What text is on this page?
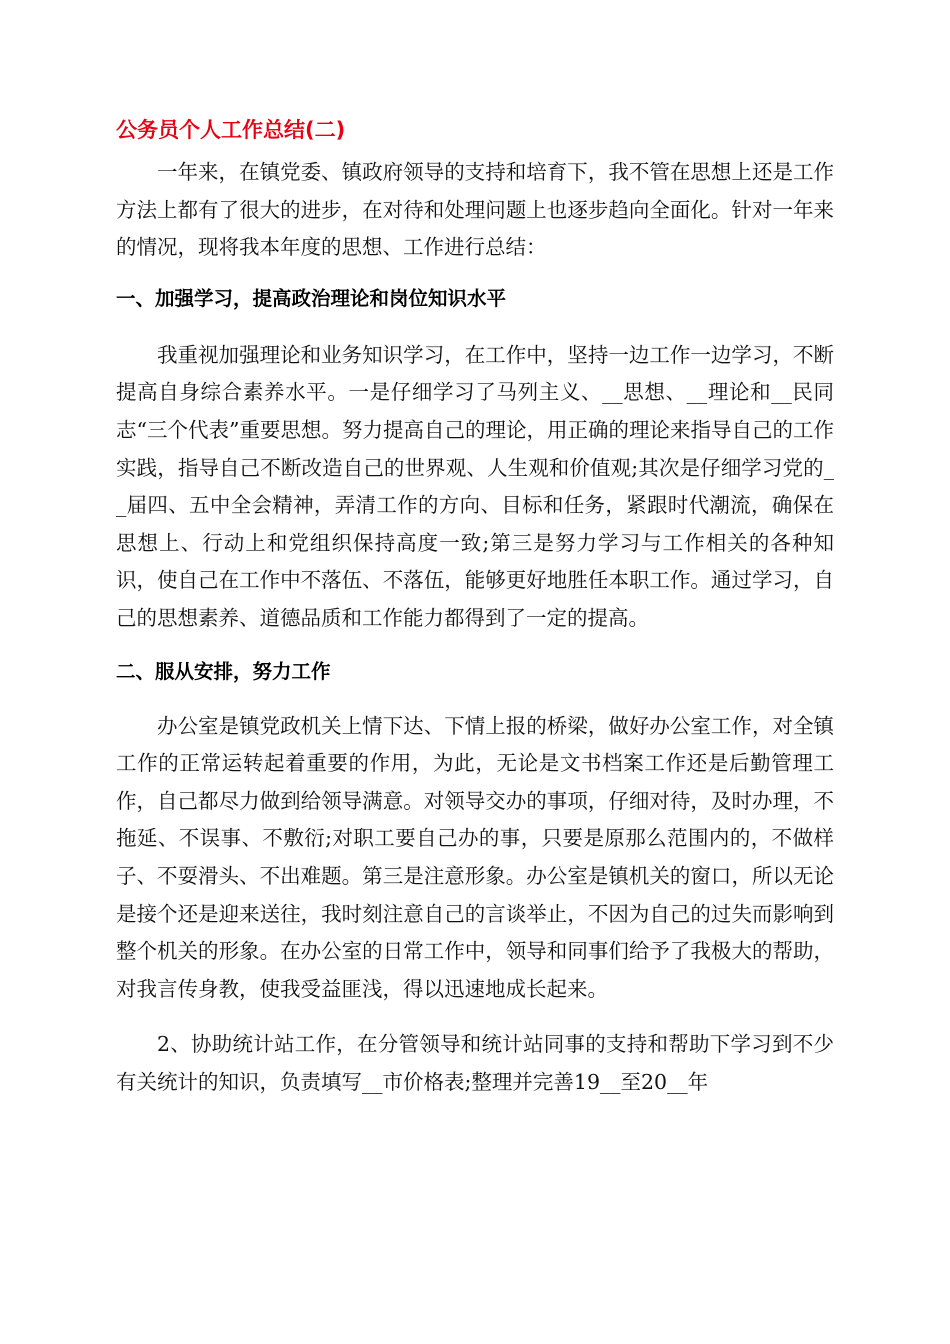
公务员个人工作总结(二)

一年来，在镇党委、镇政府领导的支持和培育下，我不管在思想上还是工作方法上都有了很大的进步，在对待和处理问题上也逐步趋向全面化。针对一年来的情况，现将我本年度的思想、工作进行总结：

一、加强学习，提高政治理论和岗位知识水平

我重视加强理论和业务知识学习，在工作中，坚持一边工作一边学习，不断提高自身综合素养水平。一是仔细学习了马列主义、__思想、__理论和__民同志“三个代表”重要思想。努力提高自己的理论，用正确的理论来指导自己的工作实践，指导自己不断改造自己的世界观、人生观和价值观;其次是仔细学习党的__届四、五中全会精神，弄清工作的方向、目标和任务，紧跟时代潮流，确保在思想上、行动上和党组织保持高度一致;第三是努力学习与工作相关的各种知识，使自己在工作中不落伍、不落伍，能够更好地胜任本职工作。通过学习，自己的思想素养、道德品质和工作能力都得到了一定的提高。

二、服从安排，努力工作

办公室是镇党政机关上情下达、下情上报的桥梁，做好办公室工作，对全镇工作的正常运转起着重要的作用，为此，无论是文书档案工作还是后勤管理工作，自己都尽力做到给领导满意。对领导交办的事项，仔细对待，及时办理，不拖延、不误事、不敷衍;对职工要自己办的事，只要是原那么范围内的，不做样子、不耍滑头、不出难题。第三是注意形象。办公室是镇机关的窗口，所以无论是接个还是迎来送往，我时刻注意自己的言谈举止，不因为自己的过失而影响到整个机关的形象。在办公室的日常工作中，领导和同事们给予了我极大的帮助，对我言传身教，使我受益匪浅，得以迅速地成长起来。

2、协助统计站工作，在分管领导和统计站同事的支持和帮助下学习到不少有关统计的知识，负责填写__市价格表;整理并完善19__至20__年
